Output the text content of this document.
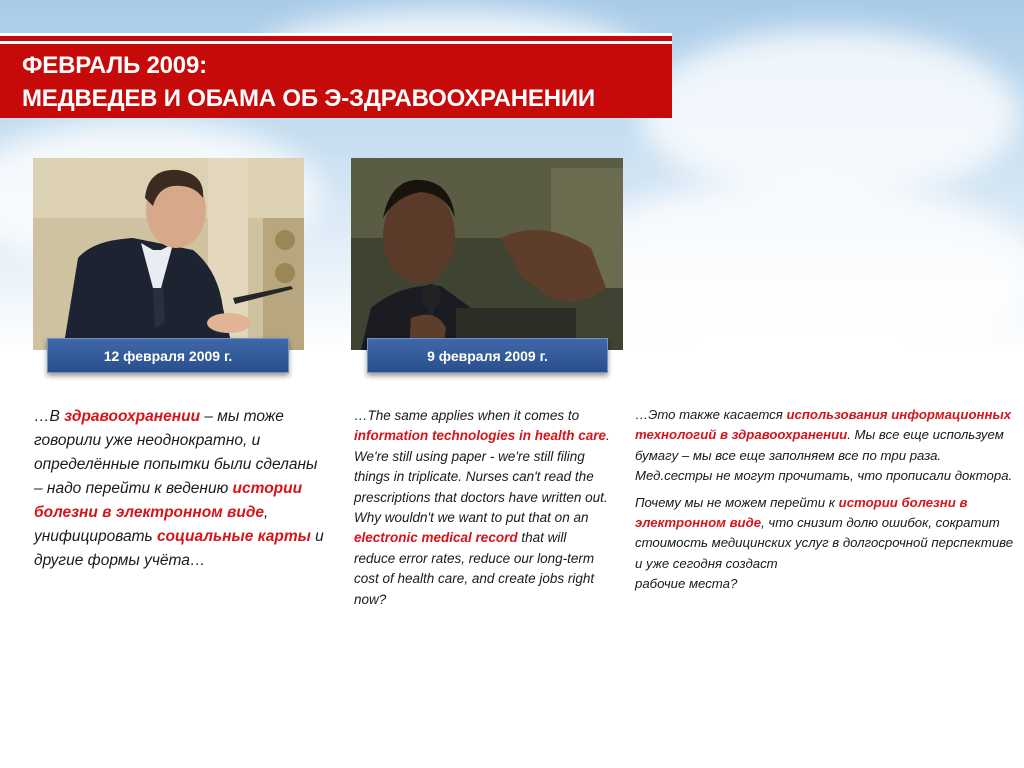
ФЕВРАЛЬ 2009:
МЕДВЕДЕВ И ОБАМА ОБ Э-ЗДРАВООХРАНЕНИИ
12 февраля 2009 г.	9 февраля 2009 г.
…В здравоохранении – мы тоже говорили уже неоднократно, и определённые попытки были сделаны – надо перейти к ведению истории болезни в электронном виде, унифицировать социальные карты и другие формы учёта…
…The same applies when it comes to information technologies in health care. We're still using paper - we're still filing things in triplicate. Nurses can't read the prescriptions that doctors have written out. Why wouldn't we want to put that on an electronic medical record that will reduce error rates, reduce our long-term cost of health care, and create jobs right now?

…Это также касается использования информационных технологий в здравоохранении. Мы все еще используем бумагу – мы все еще заполняем все по три раза. Мед.сестры не могут прочитать, что прописали доктора.

Почему мы не можем перейти к истории болезни в электронном виде, что снизит долю ошибок, сократит стоимость медицинских услуг в долгосрочной перспективе
и уже сегодня создаст
рабочие места?
